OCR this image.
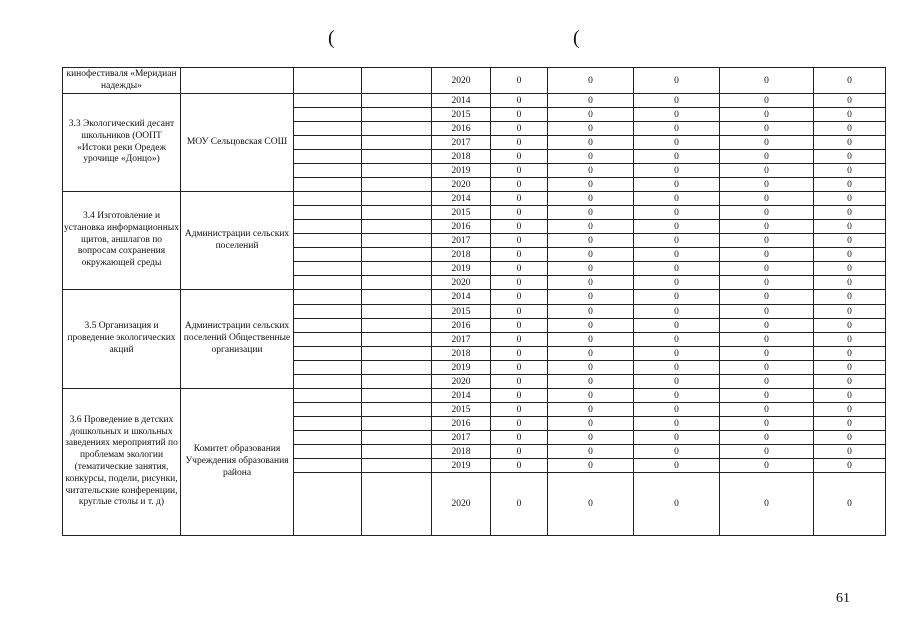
(	(
кинофестиваля «Меридиан надежды»				2020	0	0	0	0	0
3.3 Экологический десант школьников (ООПТ «Истоки реки Оредеж урочище «Донцо»)	МОУ Сельцовская СОШ			2014	0	0	0	0	0
				2015	0	0	0	0	0
				2016	0	0	0	0	0
				2017	0	0	0	0	0
				2018	0	0	0	0	0
				2019	0	0	0	0	0
				2020	0	0	0	0	0
3.4 Изготовление и установка информационных щитов, аншлагов по вопросам сохранения окружающей среды	Администрации сельских поселений			2014	0	0	0	0	0
				2015	0	0	0	0	0
				2016	0	0	0	0	0
				2017	0	0	0	0	0
				2018	0	0	0	0	0
				2019	0	0	0	0	0
				2020	0	0	0	0	0
3.5 Организация и проведение экологических акций	Администрации сельских поселений Общественные организации			2014	0	0	0	0	0
				2015	0	0	0	0	0
				2016	0	0	0	0	0
				2017	0	0	0	0	0
				2018	0	0	0	0	0
				2019	0	0	0	0	0
				2020	0	0	0	0	0
3.6 Проведение в детских дошкольных и школьных заведениях мероприятий по проблемам экологии (тематические занятия, конкурсы, подели, рисунки, читательские конференции, круглые столы и т. д)	Комитет образования Учреждения образования района			2014	0	0	0	0	0
				2015	0	0	0	0	0
				2016	0	0	0	0	0
				2017	0	0	0	0	0
				2018	0	0	0	0	0
				2019	0	0	0	0	0
				2020	0	0	0	0	0
61
